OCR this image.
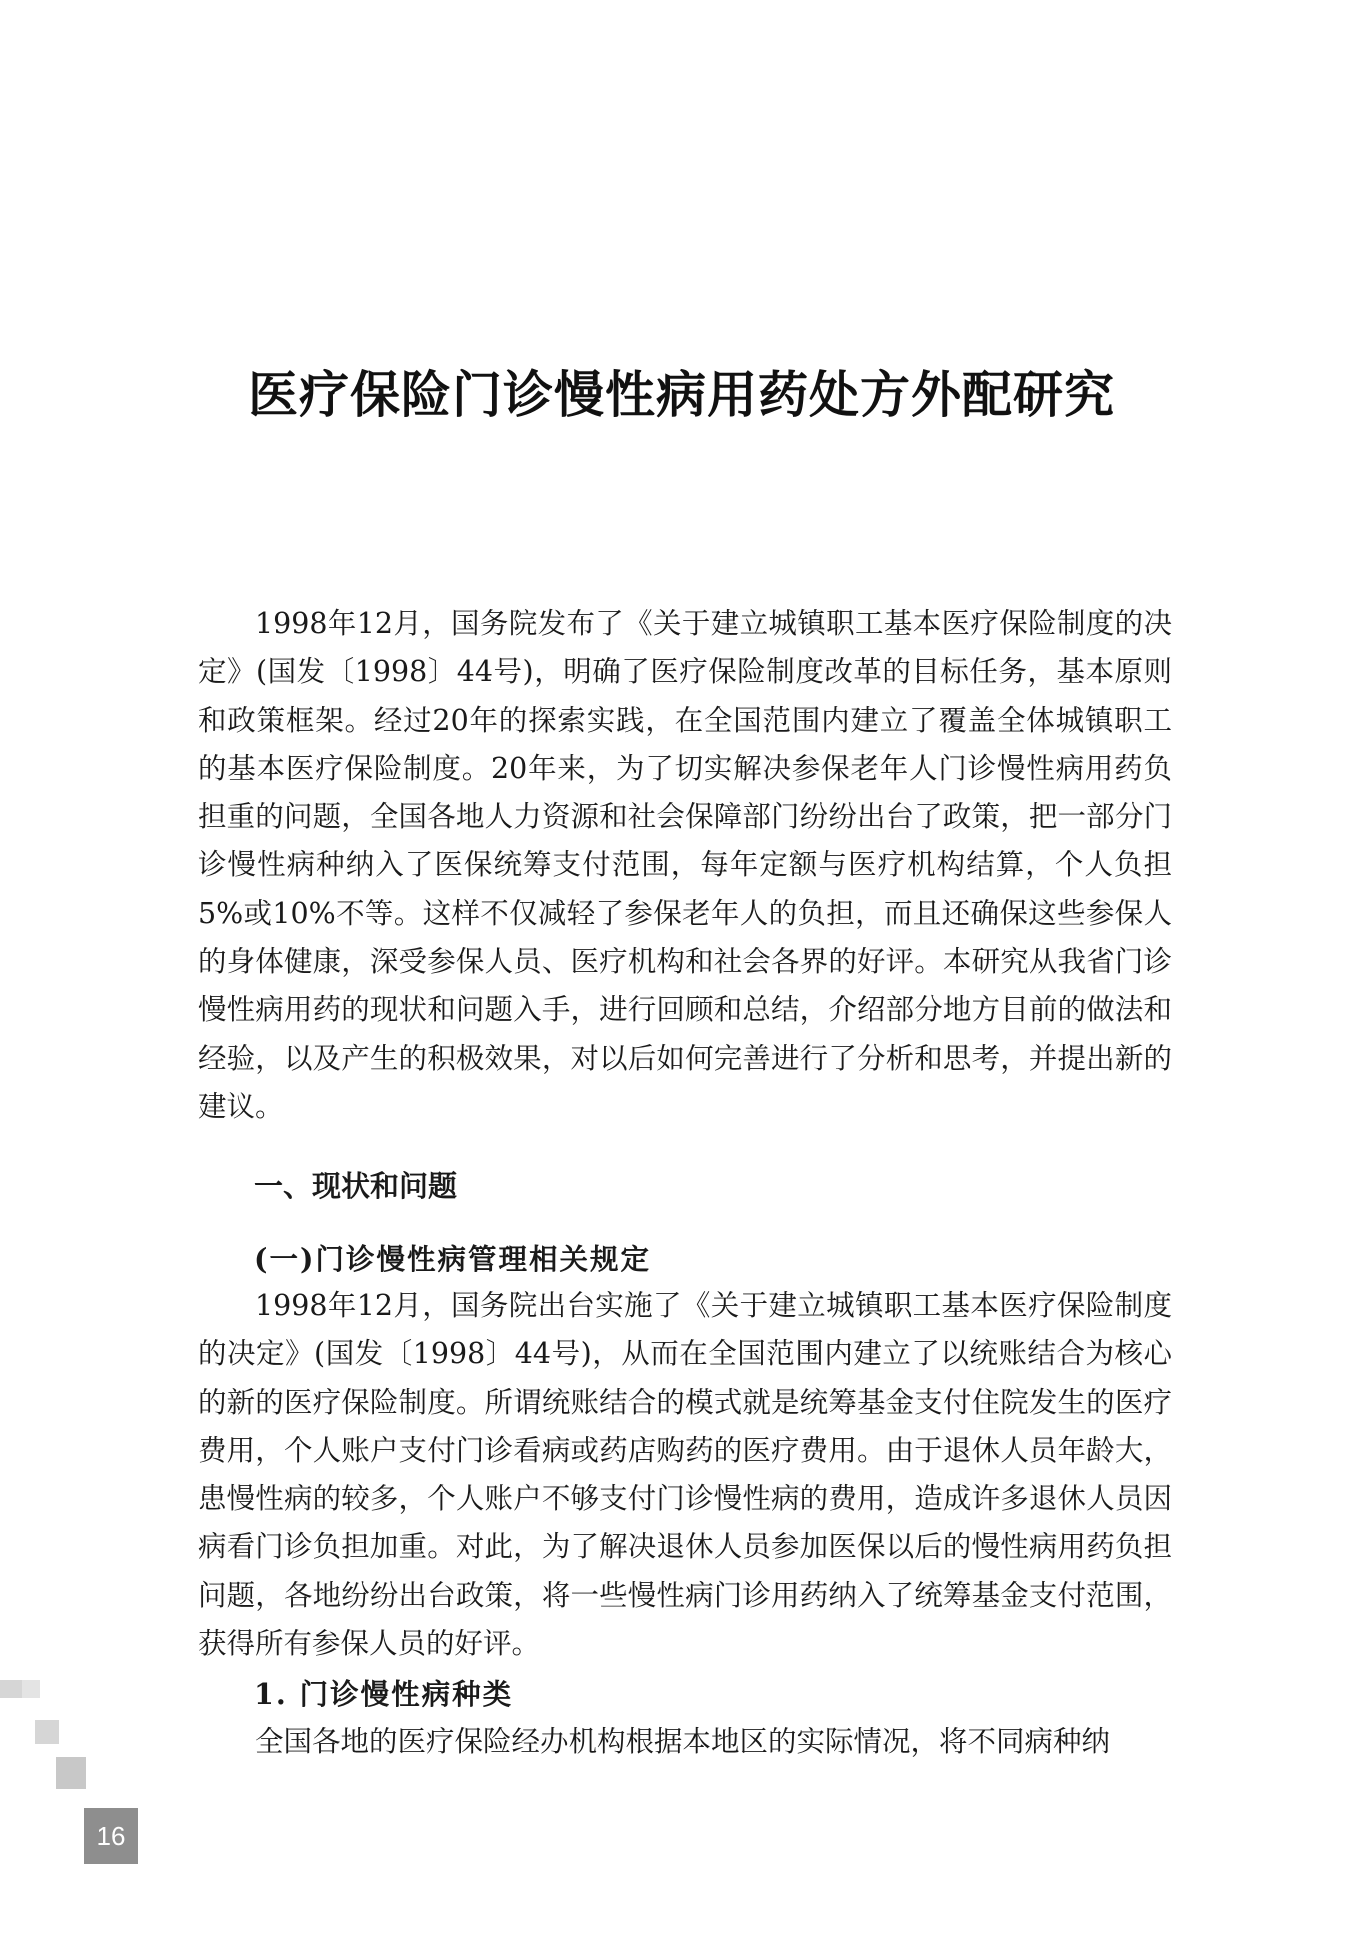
医疗保险门诊慢性病用药处方外配研究

1998年12月，国务院发布了《关于建立城镇职工基本医疗保险制度的决定》(国发〔1998〕44号)，明确了医疗保险制度改革的目标任务，基本原则和政策框架。经过20年的探索实践，在全国范围内建立了覆盖全体城镇职工的基本医疗保险制度。20年来，为了切实解决参保老年人门诊慢性病用药负担重的问题，全国各地人力资源和社会保障部门纷纷出台了政策，把一部分门诊慢性病种纳入了医保统筹支付范围，每年定额与医疗机构结算，个人负担5%或10%不等。这样不仅减轻了参保老年人的负担，而且还确保这些参保人的身体健康，深受参保人员、医疗机构和社会各界的好评。本研究从我省门诊慢性病用药的现状和问题入手，进行回顾和总结，介绍部分地方目前的做法和经验，以及产生的积极效果，对以后如何完善进行了分析和思考，并提出新的建议。

一、现状和问题
(一)门诊慢性病管理相关规定

1998年12月，国务院出台实施了《关于建立城镇职工基本医疗保险制度的决定》(国发〔1998〕44号)，从而在全国范围内建立了以统账结合为核心的新的医疗保险制度。所谓统账结合的模式就是统筹基金支付住院发生的医疗费用，个人账户支付门诊看病或药店购药的医疗费用。由于退休人员年龄大，患慢性病的较多，个人账户不够支付门诊慢性病的费用，造成许多退休人员因病看门诊负担加重。对此，为了解决退休人员参加医保以后的慢性病用药负担问题，各地纷纷出台政策，将一些慢性病门诊用药纳入了统筹基金支付范围，获得所有参保人员的好评。

1. 门诊慢性病种类

全国各地的医疗保险经办机构根据本地区的实际情况，将不同病种纳

16
